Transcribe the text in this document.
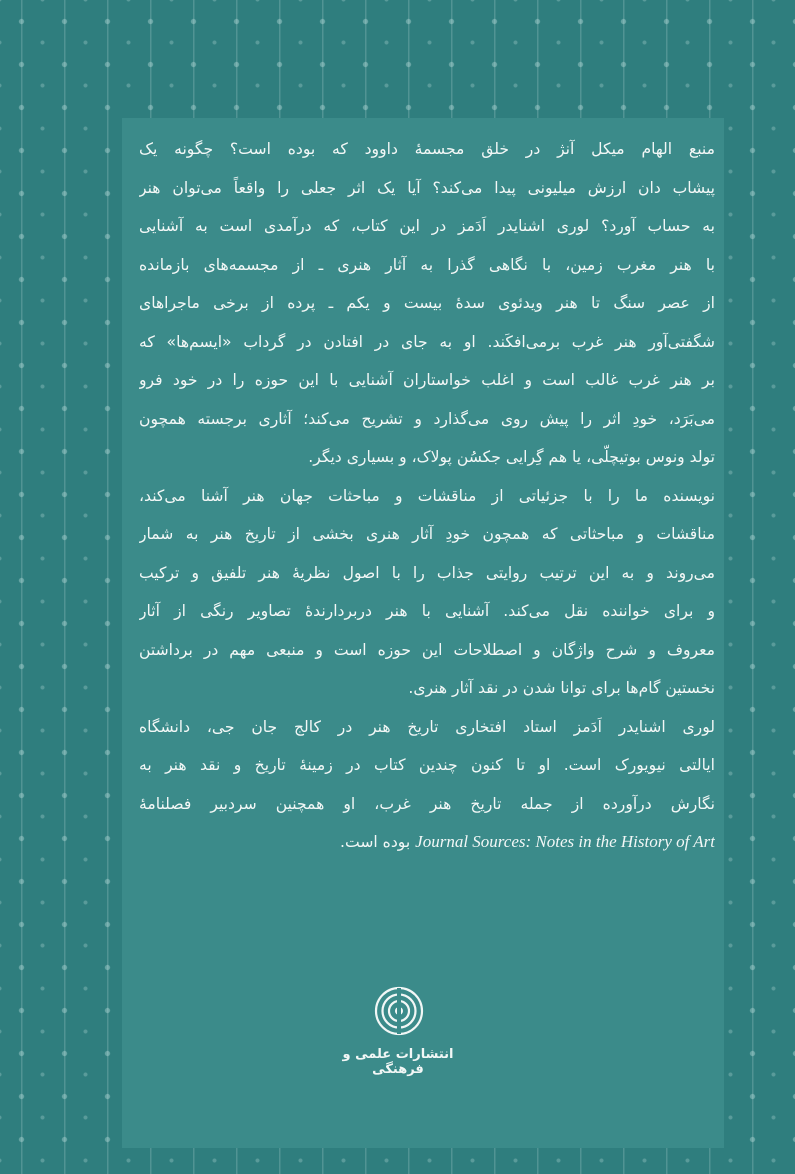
منبع الهام میکل آنژ در خلق مجسمهٔ داوود که بوده است؟ چگونه یک
پیشاب دان ارزش میلیونی پیدا می‌کند؟ آیا یک اثر جعلی را واقعاً می‌توان هنر
به حساب آورد؟ لوری اشنایدر اَدَمز در این کتاب، که درآمدی است به آشنایی
با هنر مغرب زمین، با نگاهی گذرا به آثار هنری ـ از مجسمه‌های بازمانده
از عصر سنگ تا هنر ویدئوی سدهٔ بیست و یکم ـ پرده از برخی ماجراهای
شگفتی‌آور هنر غرب برمی‌افکَند. او به جای در افتادن در گرداب «ایسم‌ها» که
بر هنر غرب غالب است و اغلب خواستاران آشنایی با این حوزه را در خود فرو
می‌بَرَد، خودِ اثر را پیش روی می‌گذارد و تشریح می‌کند؛ آثاری برجسته همچون
تولد ونوس بوتیچلّی، یا هم گِرایی جکسُن پولاک، و بسیاری دیگر.
نویسنده ما را با جزئیاتی از مناقشات و مباحثات جهان هنر آشنا می‌کند،
مناقشات و مباحثاتی که همچون خودِ آثار هنری بخشی از تاریخ هنر به شمار
می‌روند و به این ترتیب روایتی جذاب را با اصول نظریهٔ هنر تلفیق و ترکیب
و برای خواننده نقل می‌کند. آشنایی با هنر دربردارندهٔ تصاویر رنگی از آثار
معروف و شرح واژگان و اصطلاحات این حوزه است و منبعی مهم در برداشتن
نخستین گام‌ها برای توانا شدن در نقد آثار هنری.
لوری اشنایدر اَدَمز استاد افتخاری تاریخ هنر در کالج جان جی، دانشگاه
ایالتی نیویورک است. او تا کنون چندین کتاب در زمینهٔ تاریخ و نقد هنر به
نگارش درآورده از جمله تاریخ هنر غرب، او همچنین سردبیر فصلنامهٔ
Journal Sources: Notes in the History of Art بوده است.
انتشارات علمی و فرهنگی
